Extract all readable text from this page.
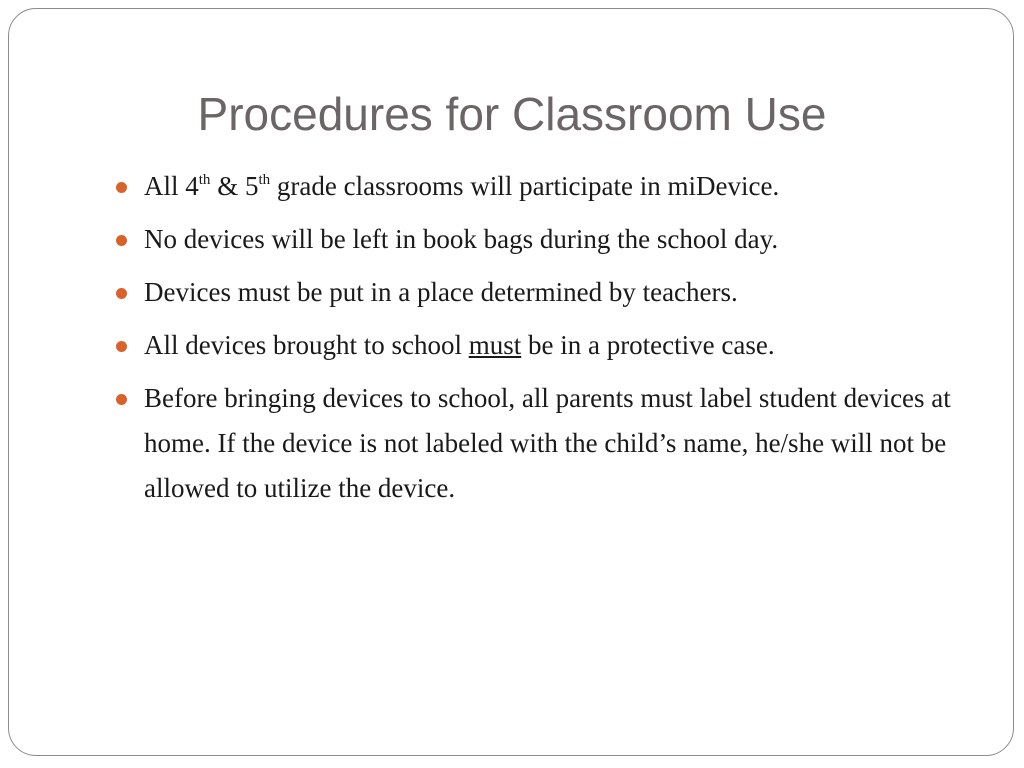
Procedures for Classroom Use
All 4th & 5th grade classrooms will participate in miDevice.
No devices will be left in book bags during the school day.
Devices must be put in a place determined by teachers.
All devices brought to school must be in a protective case.
Before bringing devices to school, all parents must label student devices at home. If the device is not labeled with the child’s name, he/she will not be allowed to utilize the device.
